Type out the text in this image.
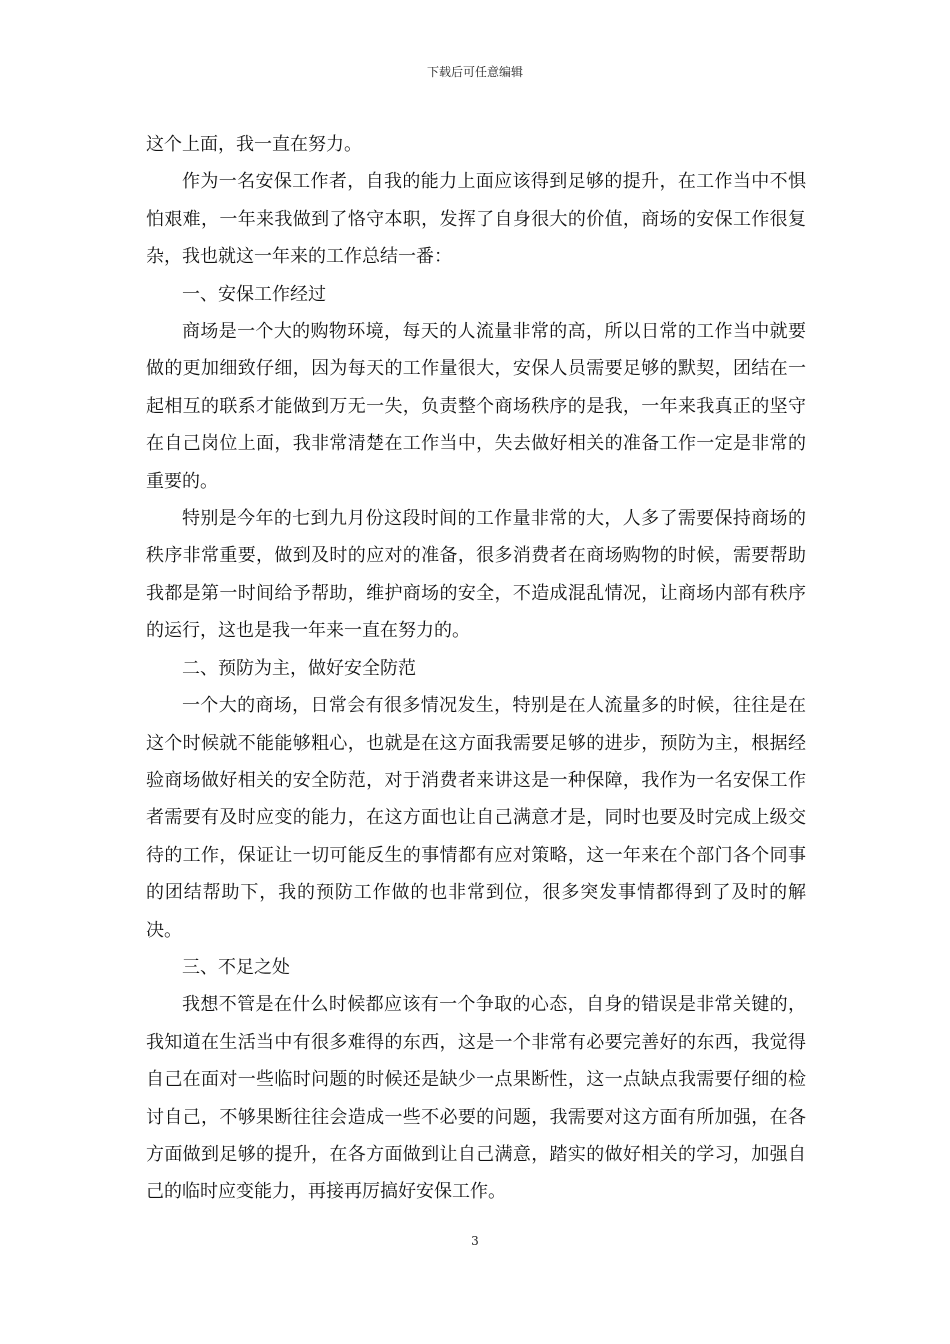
下载后可任意编辑

这个上面，我一直在努力。

作为一名安保工作者，自我的能力上面应该得到足够的提升，在工作当中不惧怕艰难，一年来我做到了恪守本职，发挥了自身很大的价值，商场的安保工作很复杂，我也就这一年来的工作总结一番：

一、安保工作经过

商场是一个大的购物环境，每天的人流量非常的高，所以日常的工作当中就要做的更加细致仔细，因为每天的工作量很大，安保人员需要足够的默契，团结在一起相互的联系才能做到万无一失，负责整个商场秩序的是我，一年来我真正的坚守在自己岗位上面，我非常清楚在工作当中，失去做好相关的准备工作一定是非常的重要的。

特别是今年的七到九月份这段时间的工作量非常的大，人多了需要保持商场的秩序非常重要，做到及时的应对的准备，很多消费者在商场购物的时候，需要帮助我都是第一时间给予帮助，维护商场的安全，不造成混乱情况，让商场内部有秩序的运行，这也是我一年来一直在努力的。

二、预防为主，做好安全防范

一个大的商场，日常会有很多情况发生，特别是在人流量多的时候，往往是在这个时候就不能能够粗心，也就是在这方面我需要足够的进步，预防为主，根据经验商场做好相关的安全防范，对于消费者来讲这是一种保障，我作为一名安保工作者需要有及时应变的能力，在这方面也让自己满意才是，同时也要及时完成上级交待的工作，保证让一切可能反生的事情都有应对策略，这一年来在个部门各个同事的团结帮助下，我的预防工作做的也非常到位，很多突发事情都得到了及时的解决。

三、不足之处

我想不管是在什么时候都应该有一个争取的心态，自身的错误是非常关键的，我知道在生活当中有很多难得的东西，这是一个非常有必要完善好的东西，我觉得自己在面对一些临时问题的时候还是缺少一点果断性，这一点缺点我需要仔细的检讨自己，不够果断往往会造成一些不必要的问题，我需要对这方面有所加强，在各方面做到足够的提升，在各方面做到让自己满意，踏实的做好相关的学习，加强自己的临时应变能力，再接再厉搞好安保工作。

3
